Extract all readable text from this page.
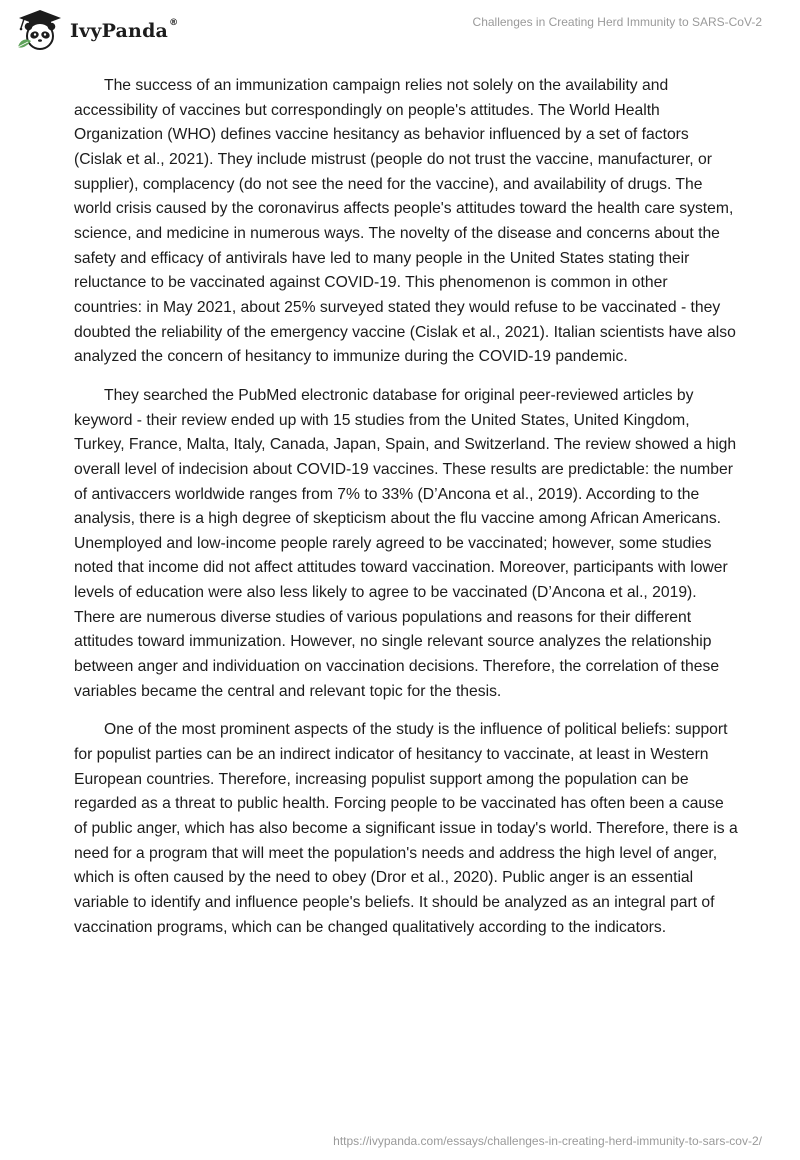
IvyPanda®	Challenges in Creating Herd Immunity to SARS-CoV-2

The success of an immunization campaign relies not solely on the availability and accessibility of vaccines but correspondingly on people's attitudes. The World Health Organization (WHO) defines vaccine hesitancy as behavior influenced by a set of factors (Cislak et al., 2021). They include mistrust (people do not trust the vaccine, manufacturer, or supplier), complacency (do not see the need for the vaccine), and availability of drugs. The world crisis caused by the coronavirus affects people's attitudes toward the health care system, science, and medicine in numerous ways. The novelty of the disease and concerns about the safety and efficacy of antivirals have led to many people in the United States stating their reluctance to be vaccinated against COVID-19. This phenomenon is common in other countries: in May 2021, about 25% surveyed stated they would refuse to be vaccinated - they doubted the reliability of the emergency vaccine (Cislak et al., 2021). Italian scientists have also analyzed the concern of hesitancy to immunize during the COVID-19 pandemic.

They searched the PubMed electronic database for original peer-reviewed articles by keyword - their review ended up with 15 studies from the United States, United Kingdom, Turkey, France, Malta, Italy, Canada, Japan, Spain, and Switzerland. The review showed a high overall level of indecision about COVID-19 vaccines. These results are predictable: the number of antivaccers worldwide ranges from 7% to 33% (D’Ancona et al., 2019). According to the analysis, there is a high degree of skepticism about the flu vaccine among African Americans. Unemployed and low-income people rarely agreed to be vaccinated; however, some studies noted that income did not affect attitudes toward vaccination. Moreover, participants with lower levels of education were also less likely to agree to be vaccinated (D’Ancona et al., 2019). There are numerous diverse studies of various populations and reasons for their different attitudes toward immunization. However, no single relevant source analyzes the relationship between anger and individuation on vaccination decisions. Therefore, the correlation of these variables became the central and relevant topic for the thesis.

One of the most prominent aspects of the study is the influence of political beliefs: support for populist parties can be an indirect indicator of hesitancy to vaccinate, at least in Western European countries. Therefore, increasing populist support among the population can be regarded as a threat to public health. Forcing people to be vaccinated has often been a cause of public anger, which has also become a significant issue in today's world. Therefore, there is a need for a program that will meet the population's needs and address the high level of anger, which is often caused by the need to obey (Dror et al., 2020). Public anger is an essential variable to identify and influence people's beliefs. It should be analyzed as an integral part of vaccination programs, which can be changed qualitatively according to the indicators.

https://ivypanda.com/essays/challenges-in-creating-herd-immunity-to-sars-cov-2/
